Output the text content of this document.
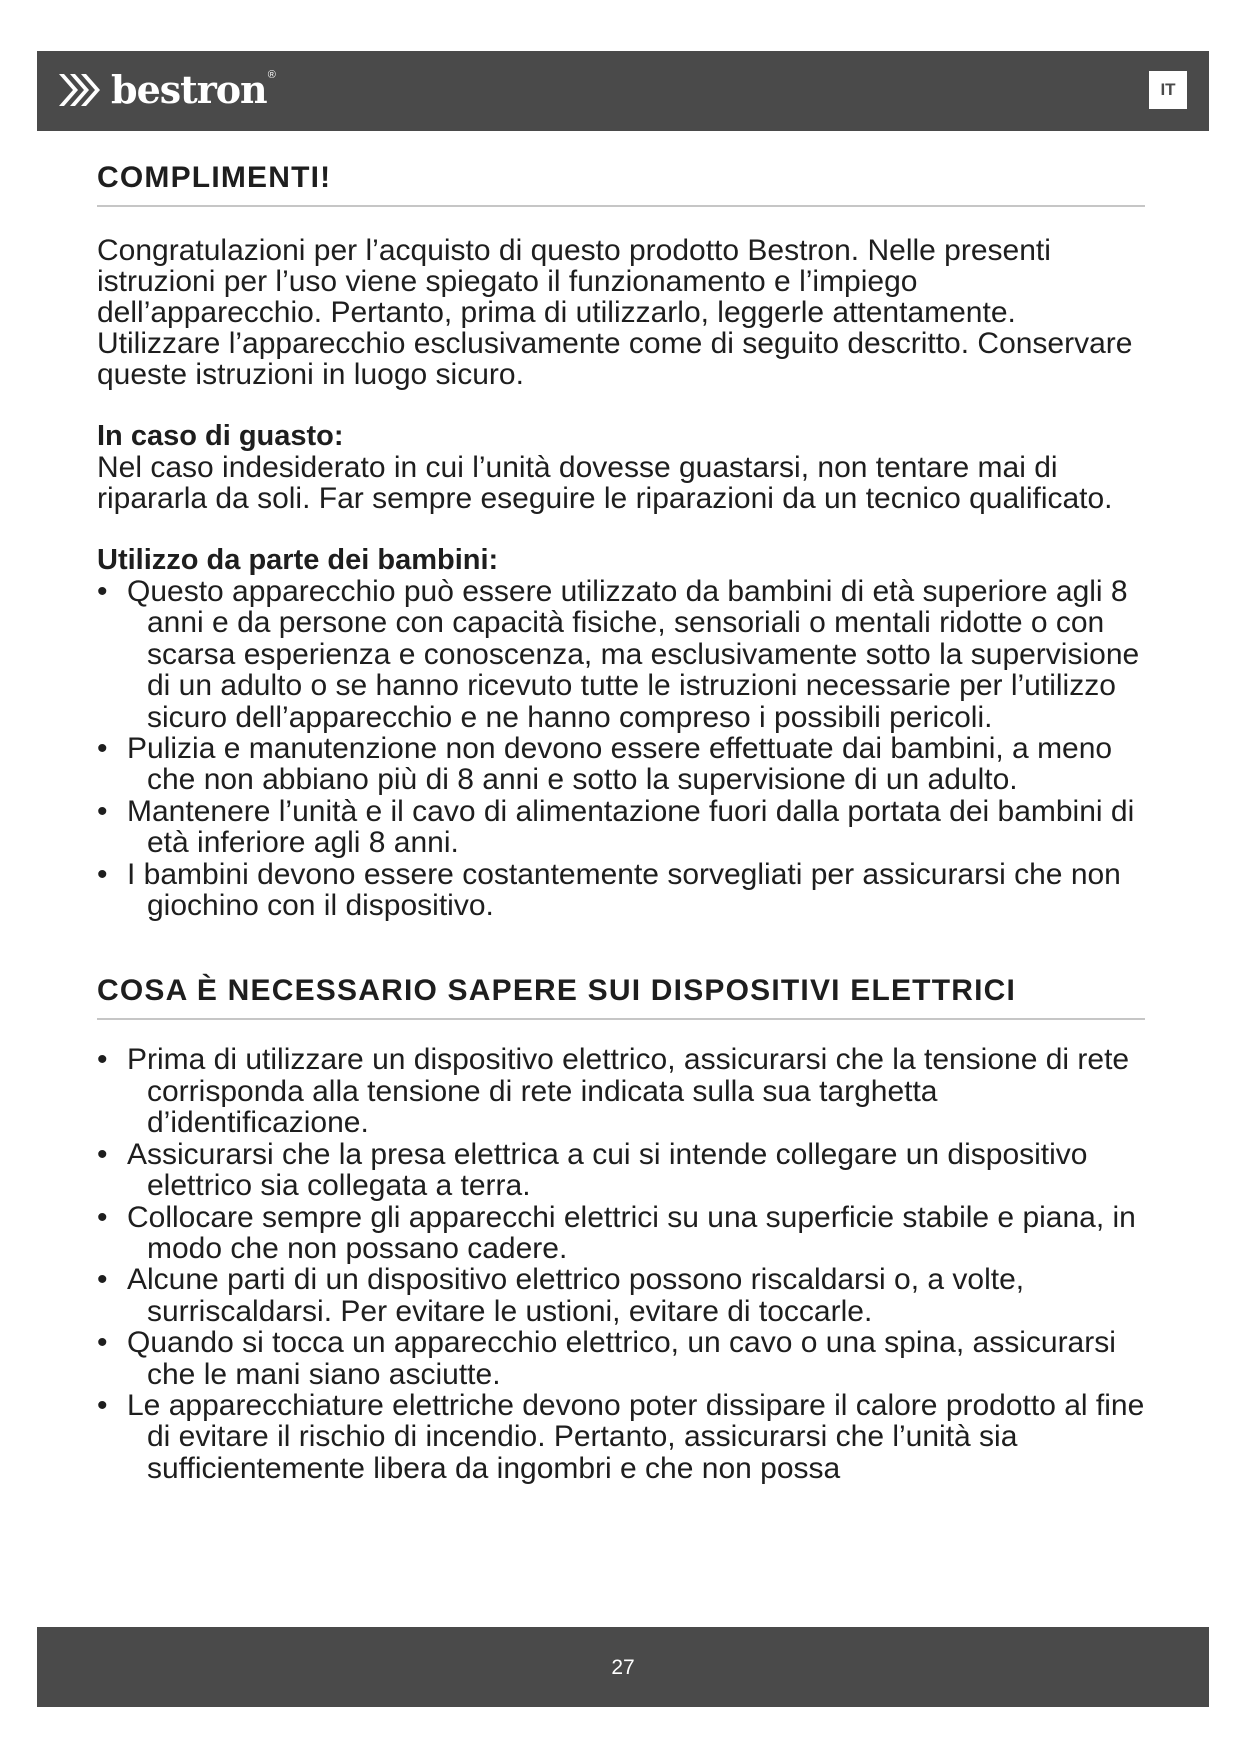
bestron ®
IT
COMPLIMENTI!

Congratulazioni per l’acquisto di questo prodotto Bestron. Nelle presenti istruzioni per l’uso viene spiegato il funzionamento e l’impiego dell’apparecchio. Pertanto, prima di utilizzarlo, leggerle attentamente. Utilizzare l’apparecchio esclusivamente come di seguito descritto. Conservare queste istruzioni in luogo sicuro.

In caso di guasto:

Nel caso indesiderato in cui l’unità dovesse guastarsi, non tentare mai di ripararla da soli. Far sempre eseguire le riparazioni da un tecnico qualificato.

Utilizzo da parte dei bambini:

• Questo apparecchio può essere utilizzato da bambini di età superiore agli 8 anni e da persone con capacità fisiche, sensoriali o mentali ridotte o con scarsa esperienza e conoscenza, ma esclusivamente sotto la supervisione di un adulto o se hanno ricevuto tutte le istruzioni necessarie per l’utilizzo sicuro dell’apparecchio e ne hanno compreso i possibili pericoli.
• Pulizia e manutenzione non devono essere effettuate dai bambini, a meno che non abbiano più di 8 anni e sotto la supervisione di un adulto.
• Mantenere l’unità e il cavo di alimentazione fuori dalla portata dei bambini di età inferiore agli 8 anni.
• I bambini devono essere costantemente sorvegliati per assicurarsi che non giochino con il dispositivo.
COSA È NECESSARIO SAPERE SUI DISPOSITIVI ELETTRICI
• Prima di utilizzare un dispositivo elettrico, assicurarsi che la tensione di rete corrisponda alla tensione di rete indicata sulla sua targhetta d’identificazione.
• Assicurarsi che la presa elettrica a cui si intende collegare un dispositivo elettrico sia collegata a terra.
• Collocare sempre gli apparecchi elettrici su una superficie stabile e piana, in modo che non possano cadere.
• Alcune parti di un dispositivo elettrico possono riscaldarsi o, a volte, surriscaldarsi. Per evitare le ustioni, evitare di toccarle.
• Quando si tocca un apparecchio elettrico, un cavo o una spina, assicurarsi che le mani siano asciutte.
• Le apparecchiature elettriche devono poter dissipare il calore prodotto al fine di evitare il rischio di incendio. Pertanto, assicurarsi che l’unità sia sufficientemente libera da ingombri e che non possa
27
